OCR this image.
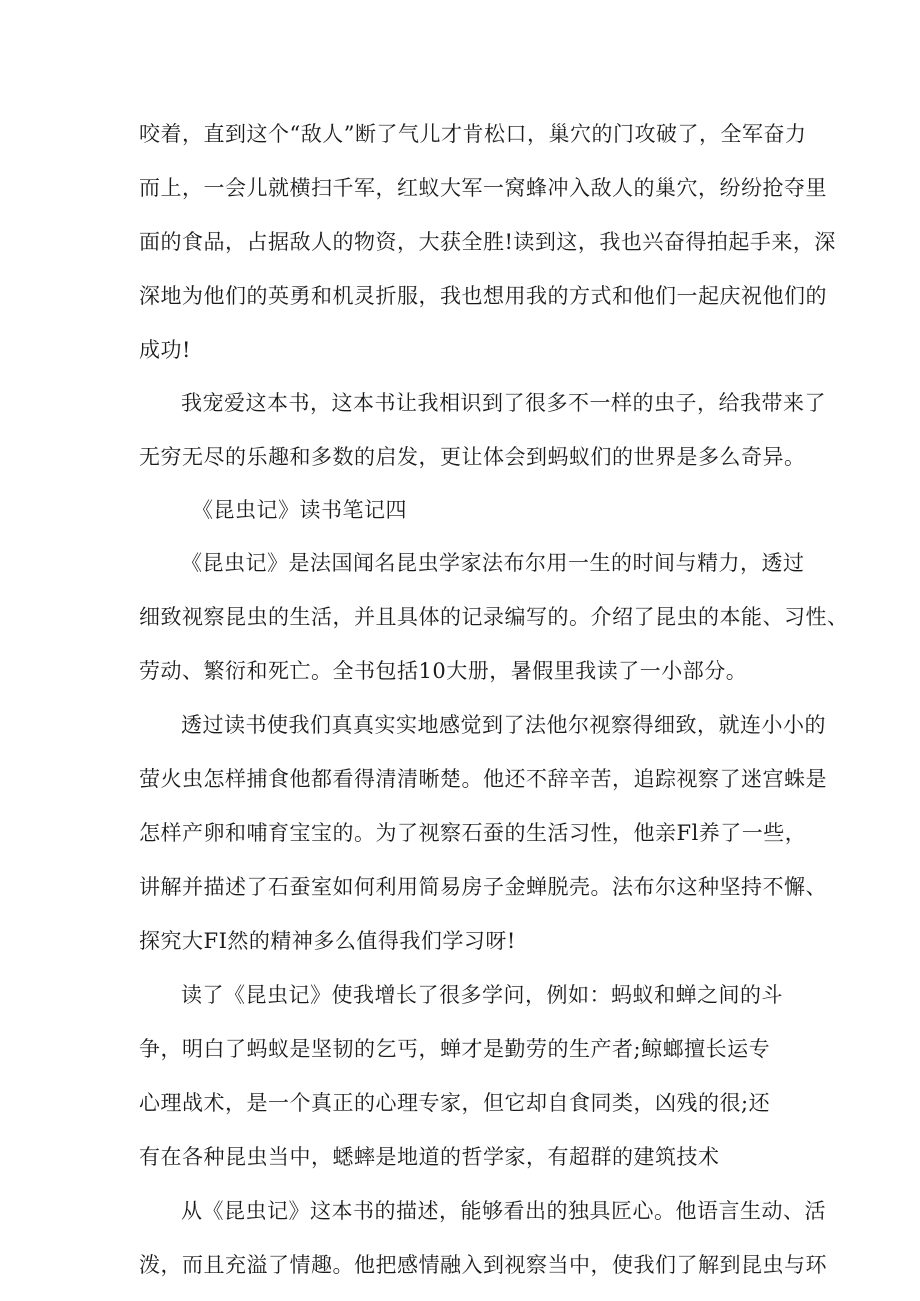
咬着，直到这个“敌人”断了气儿才肯松口，巢穴的门攻破了，全军奋力
而上，一会儿就横扫千军，红蚁大军一窝蜂冲入敌人的巢穴，纷纷抢夺里
面的食品，占据敌人的物资，大获全胜!读到这，我也兴奋得拍起手来，深
深地为他们的英勇和机灵折服，我也想用我的方式和他们一起庆祝他们的
成功!
我宠爱这本书，这本书让我相识到了很多不一样的虫子，给我带来了
无穷无尽的乐趣和多数的启发，更让体会到蚂蚁们的世界是多么奇异。
《昆虫记》读书笔记四
《昆虫记》是法国闻名昆虫学家法布尔用一生的时间与精力，透过
细致视察昆虫的生活，并且具体的记录编写的。介绍了昆虫的本能、习性、
劳动、繁衍和死亡。全书包括10大册，暑假里我读了一小部分。
透过读书使我们真真实实地感觉到了法他尔视察得细致，就连小小的
萤火虫怎样捕食他都看得清清晰楚。他还不辞辛苦，追踪视察了迷宫蛛是
怎样产卵和哺育宝宝的。为了视察石蚕的生活习性，他亲Fl养了一些，
讲解并描述了石蚕室如何利用简易房子金蝉脱壳。法布尔这种坚持不懈、
探究大FI然的精神多么值得我们学习呀!
读了《昆虫记》使我增长了很多学问，例如：蚂蚁和蝉之间的斗
争，明白了蚂蚁是坚韧的乞丐，蝉才是勤劳的生产者;鲸螂擅长运专
心理战术，是一个真正的心理专家，但它却自食同类，凶残的很;还
有在各种昆虫当中，蟋蟀是地道的哲学家，有超群的建筑技术
从《昆虫记》这本书的描述，能够看出的独具匠心。他语言生动、活
泼，而且充溢了情趣。他把感情融入到视察当中，使我们了解到昆虫与环
